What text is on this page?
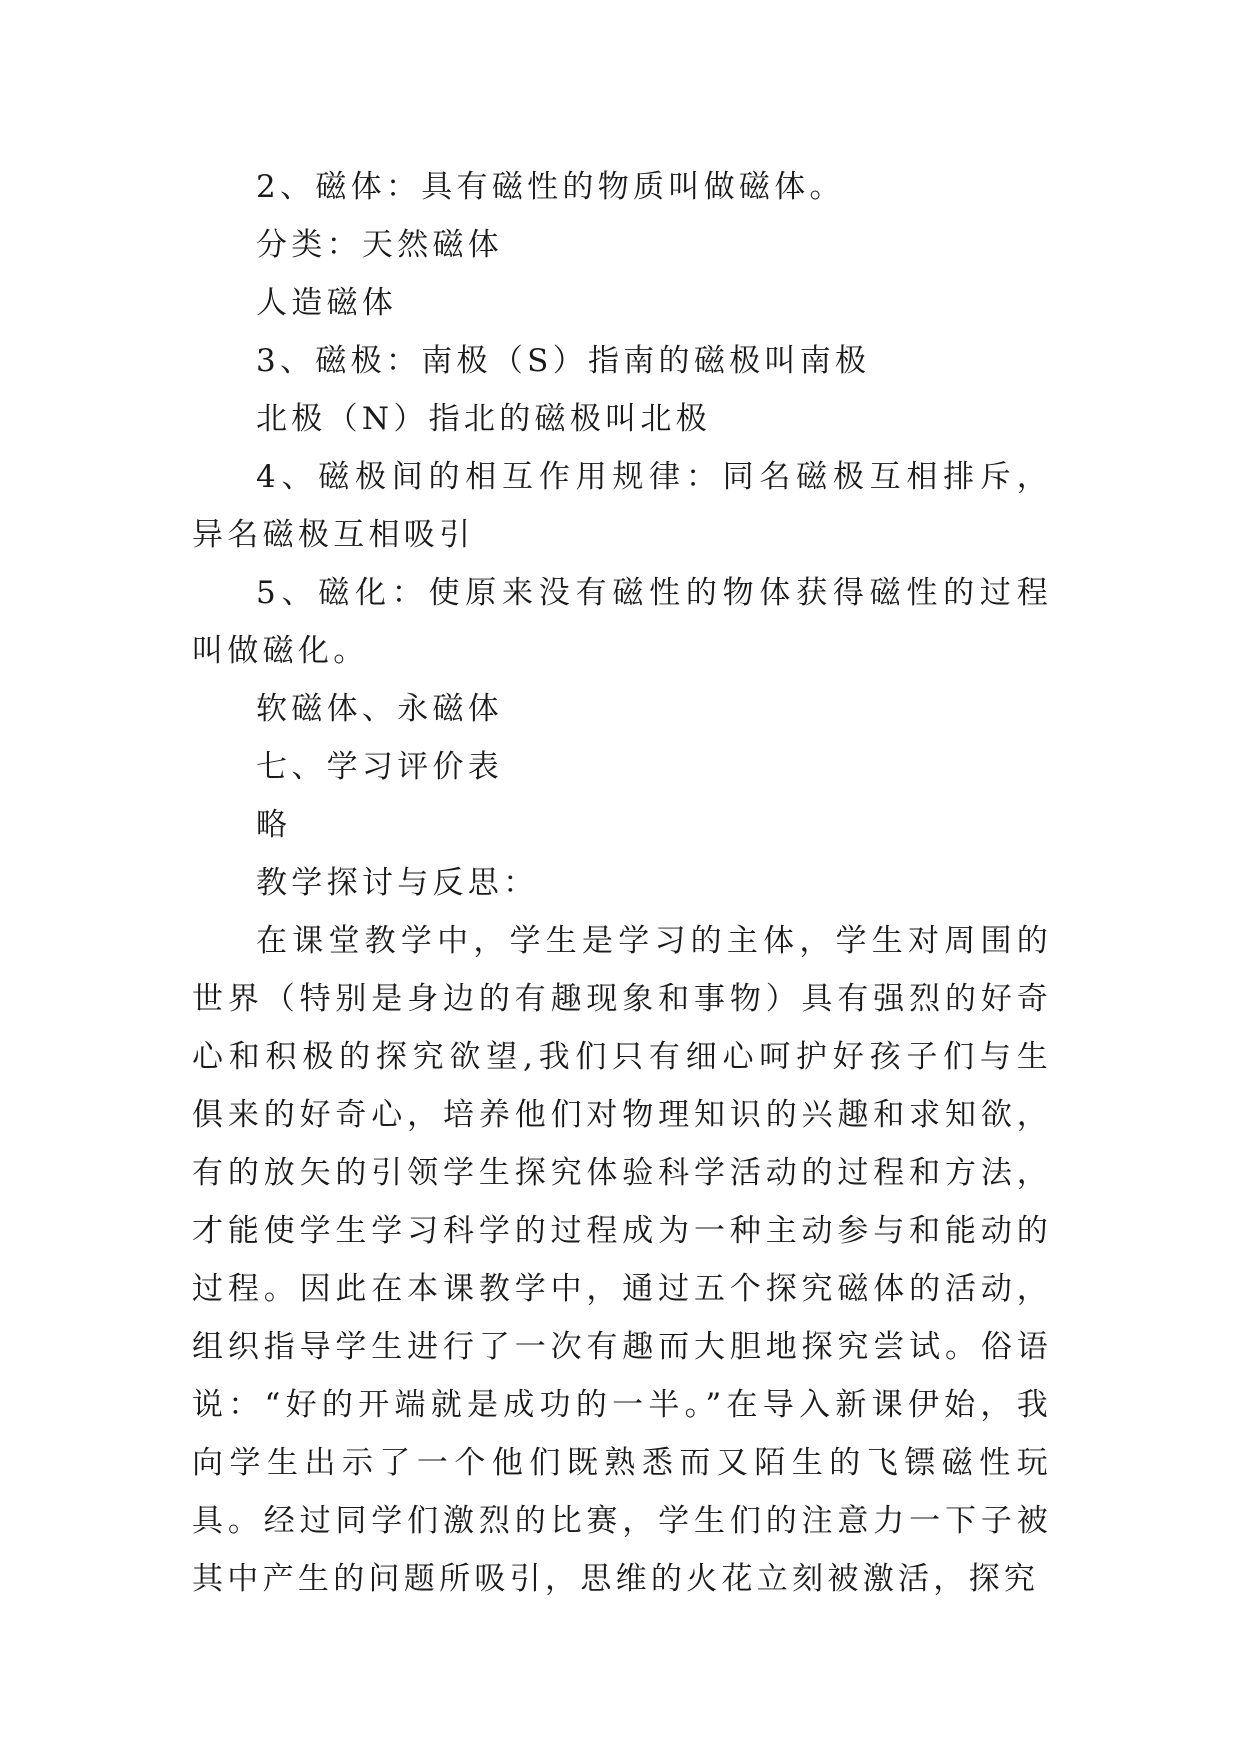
2、磁体：具有磁性的物质叫做磁体。

分类：天然磁体

人造磁体

3、磁极：南极（S）指南的磁极叫南极

北极（N）指北的磁极叫北极

4、磁极间的相互作用规律：同名磁极互相排斥，异名磁极互相吸引

5、磁化：使原来没有磁性的物体获得磁性的过程叫做磁化。

软磁体、永磁体

七、学习评价表

略

教学探讨与反思：

在课堂教学中，学生是学习的主体，学生对周围的世界（特别是身边的有趣现象和事物）具有强烈的好奇心和积极的探究欲望,我们只有细心呵护好孩子们与生俱来的好奇心，培养他们对物理知识的兴趣和求知欲，有的放矢的引领学生探究体验科学活动的过程和方法，才能使学生学习科学的过程成为一种主动参与和能动的过程。因此在本课教学中，通过五个探究磁体的活动，组织指导学生进行了一次有趣而大胆地探究尝试。俗语说：“好的开端就是成功的一半。”在导入新课伊始，我向学生出示了一个他们既熟悉而又陌生的飞镖磁性玩具。经过同学们激烈的比赛，学生们的注意力一下子被其中产生的问题所吸引，思维的火花立刻被激活，探究
